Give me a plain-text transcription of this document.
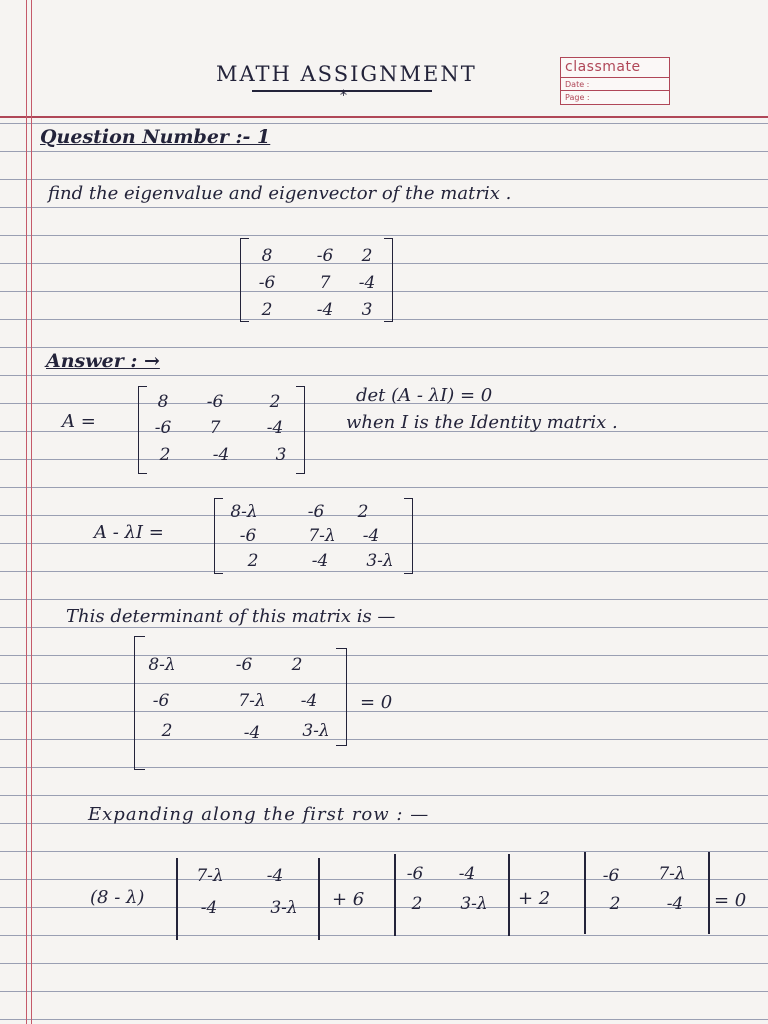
MATH ASSIGNMENT
*
classmate
Date :
Page :
Question Number :- 1
find the eigenvalue and eigenvector of the matrix .
8	-6	2
-6	7	-4
2	-4	3
Answer : →
A =
8	-6	2
-6	7	-4
2	-4	3
det (A - λI) = 0
when I is the Identity matrix .
A - λI =
8-λ	-6	2
-6	7-λ	-4
2	-4	3-λ
This determinant of this matrix is —
8-λ	-6	2
-6	7-λ	-4
2	-4	3-λ
= 0
Expanding along the first row : —
(8 - λ)
7-λ	-4
-4	3-λ	+ 6
-6	-4
2	3-λ	+ 2
-6	7-λ
2	-4	= 0
